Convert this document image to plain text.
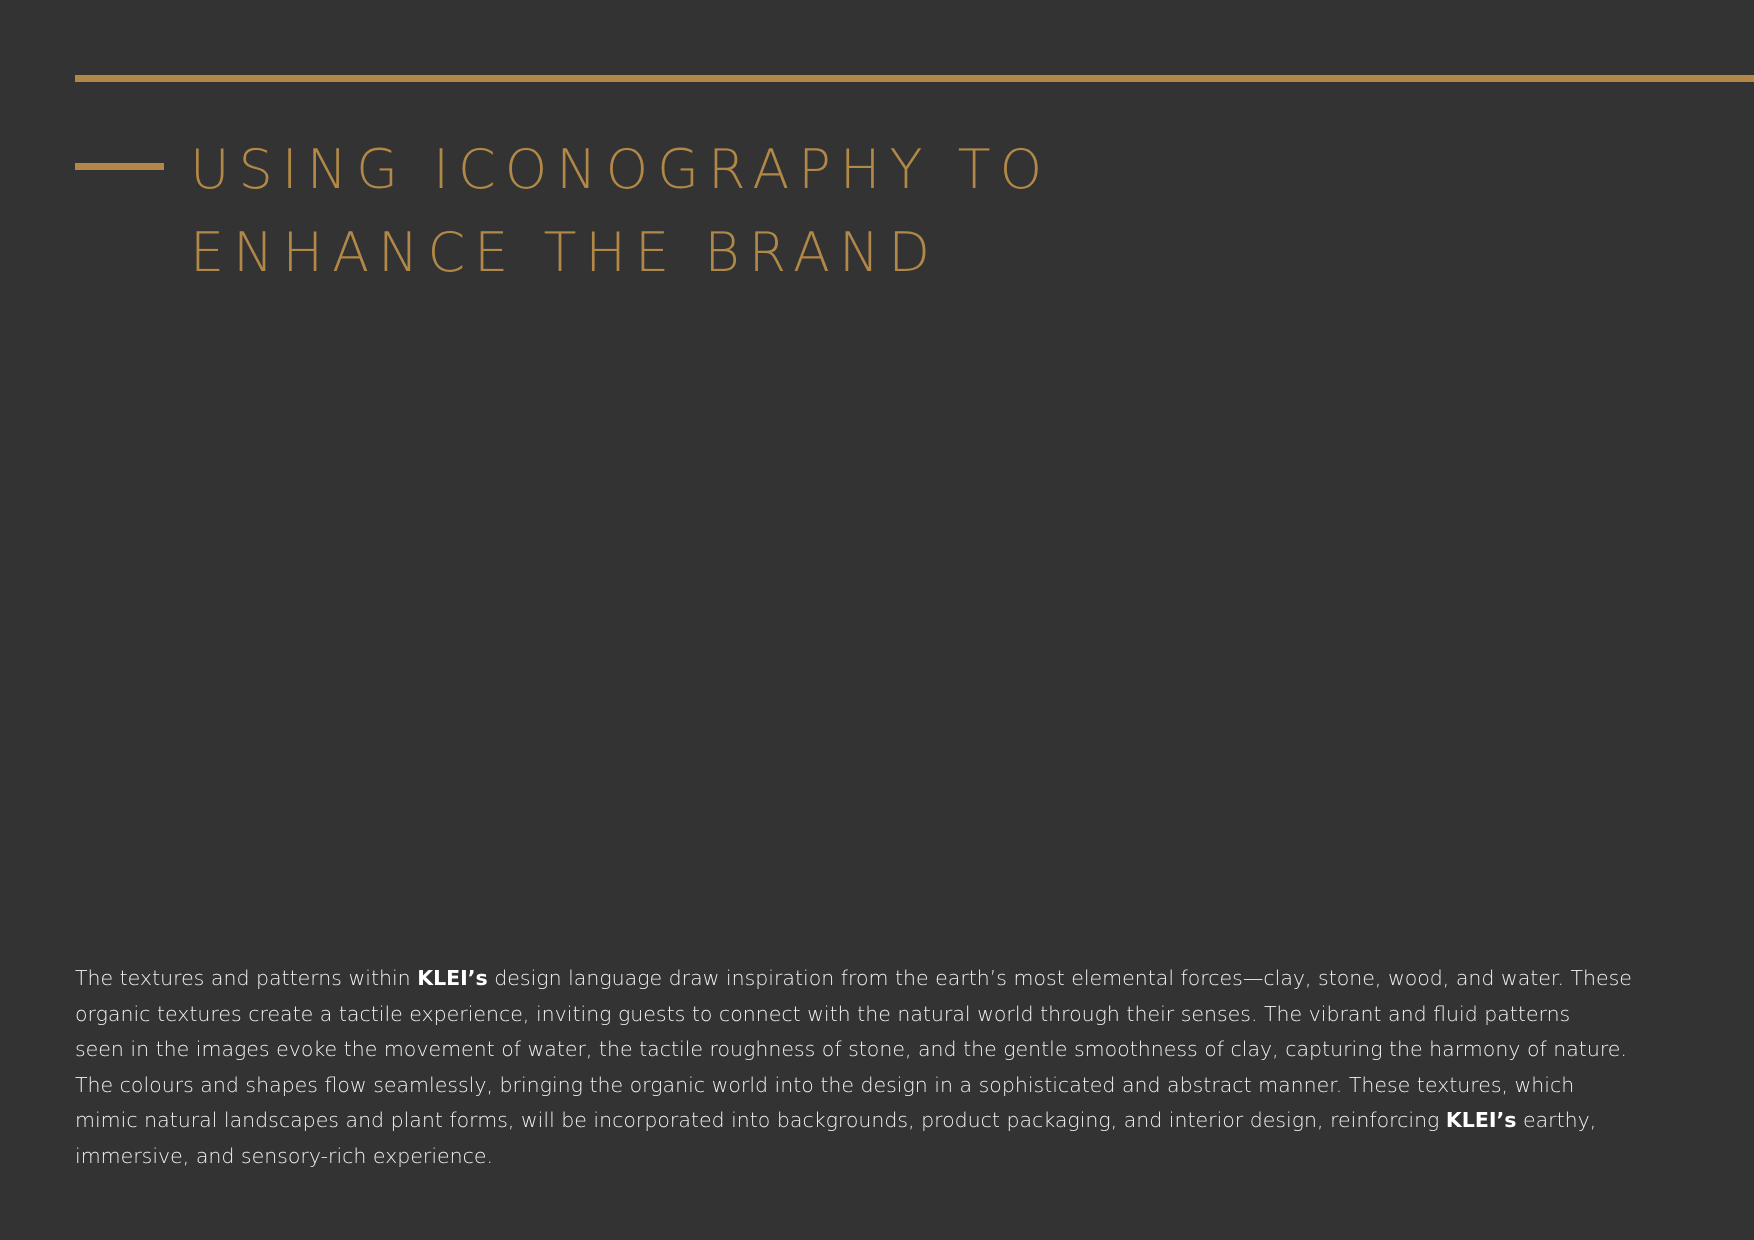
USING ICONOGRAPHY TO
ENHANCE THE BRAND

The textures and patterns within KLEI’s design language draw inspiration from the earth’s most elemental forces—clay, stone, wood, and water. These
organic textures create a tactile experience, inviting guests to connect with the natural world through their senses. The vibrant and fluid patterns
seen in the images evoke the movement of water, the tactile roughness of stone, and the gentle smoothness of clay, capturing the harmony of nature.
The colours and shapes flow seamlessly, bringing the organic world into the design in a sophisticated and abstract manner. These textures, which
mimic natural landscapes and plant forms, will be incorporated into backgrounds, product packaging, and interior design, reinforcing KLEI’s earthy,
immersive, and sensory-rich experience.
